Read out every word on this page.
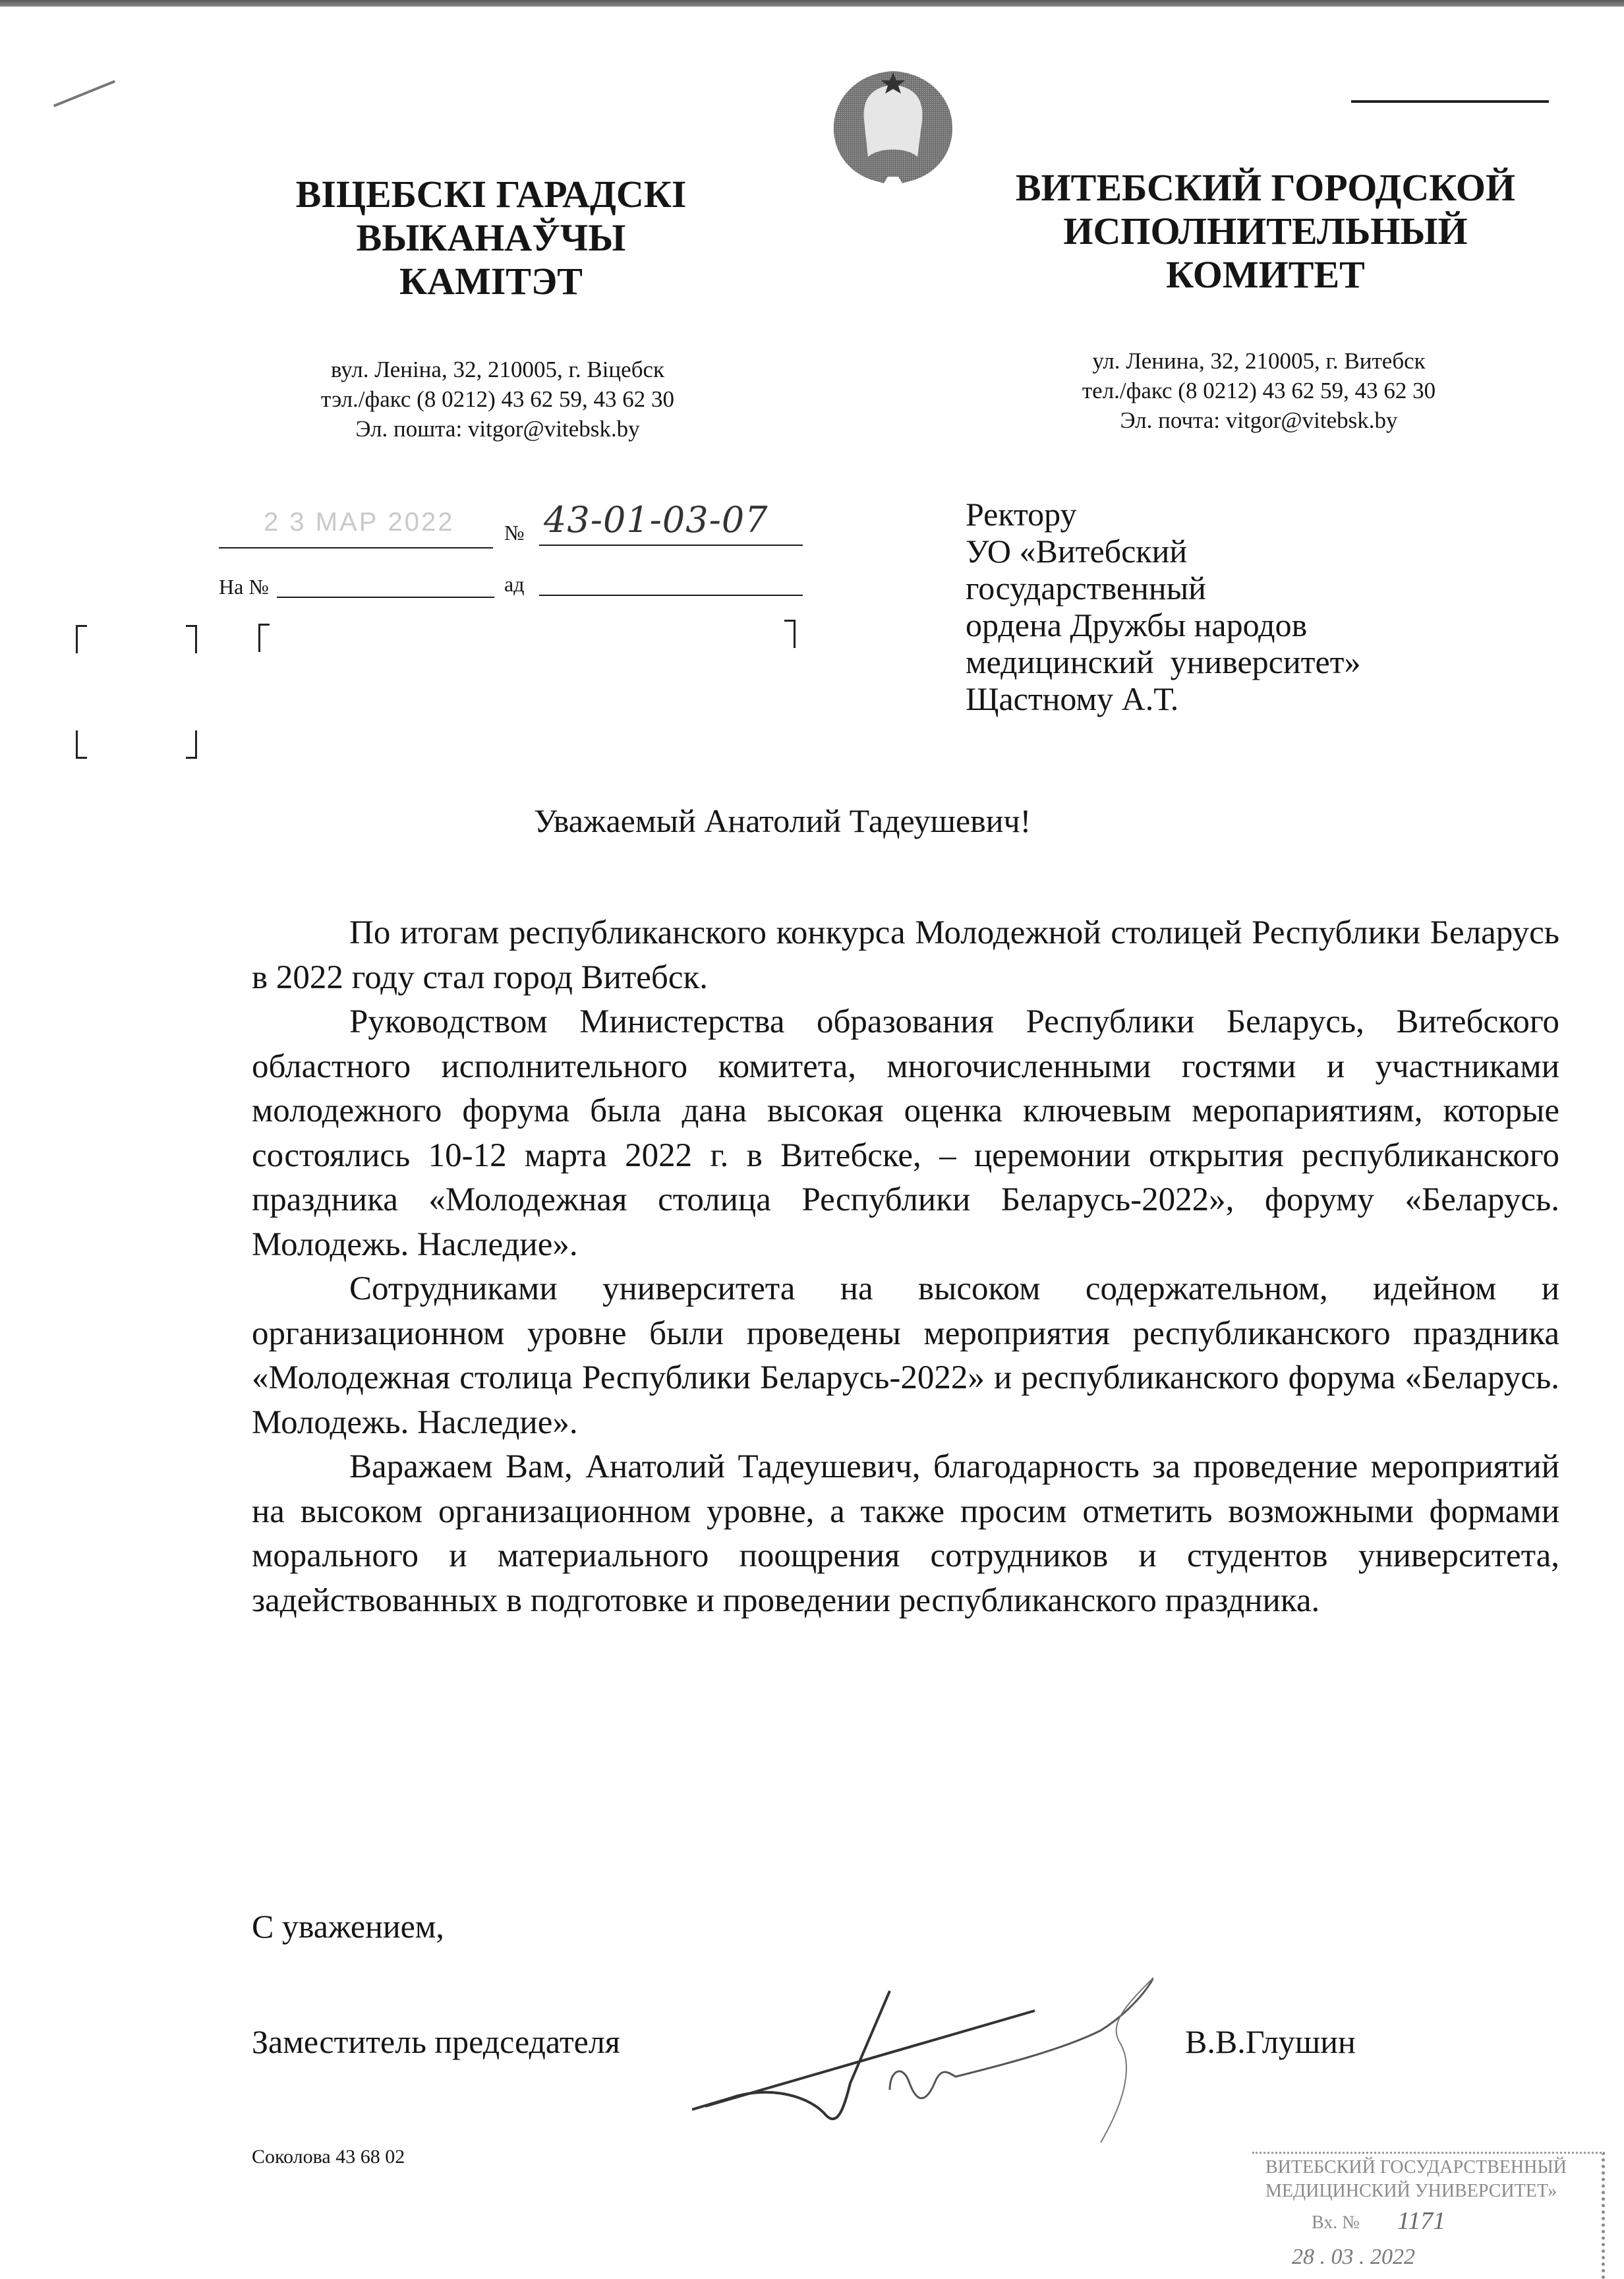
ВІЦЕБСКІ ГАРАДСКІ
ВЫКАНАЎЧЫ
КАМІТЭТ
ВИТЕБСКИЙ ГОРОДСКОЙ
ИСПОЛНИТЕЛЬНЫЙ
КОМИТЕТ
вул. Леніна, 32, 210005, г. Віцебск
тэл./факс (8 0212) 43 62 59, 43 62 30
Эл. пошта: vitgor@vitebsk.by
ул. Ленина, 32, 210005, г. Витебск
тел./факс (8 0212) 43 62 59, 43 62 30
Эл. почта: vitgor@vitebsk.by
2 3 МАР 2022 № 43-01-03-07
На №	ад
Ректору
УО «Витебский
государственный
ордена Дружбы народов
медицинский  университет»
Щастному А.Т.
Уважаемый Анатолий Тадеушевич!

По итогам республиканского конкурса Молодежной столицей Республики Беларусь в 2022 году стал город Витебск.

Руководством Министерства образования Республики Беларусь, Витебского областного исполнительного комитета, многочисленными гостями и участниками молодежного форума была дана высокая оценка ключевым меропариятиям, которые состоялись 10-12 марта 2022 г. в Витебске, – церемонии открытия республиканского праздника «Молодежная столица Республики Беларусь-2022», форуму «Беларусь. Молодежь. Наследие».

Сотрудниками университета на высоком содержательном, идейном и организационном уровне были проведены мероприятия республиканского праздника «Молодежная столица Республики Беларусь-2022» и республиканского форума «Беларусь. Молодежь. Наследие».

Варажаем Вам, Анатолий Тадеушевич, благодарность за проведение мероприятий на высоком организационном уровне, а также просим отметить возможными формами морального и материального поощрения сотрудников и студентов университета, задействованных в подготовке и проведении республиканского праздника.

С уважением,
Заместитель председателя	В.В.Глушин
Соколова 43 68 02	ВИТЕБСКИЙ ГОСУДАРСТВЕННЫЙ
МЕДИЦИНСКИЙ УНИВЕРСИТЕТ»
Вх. № 1171
28 . 03 . 2022
